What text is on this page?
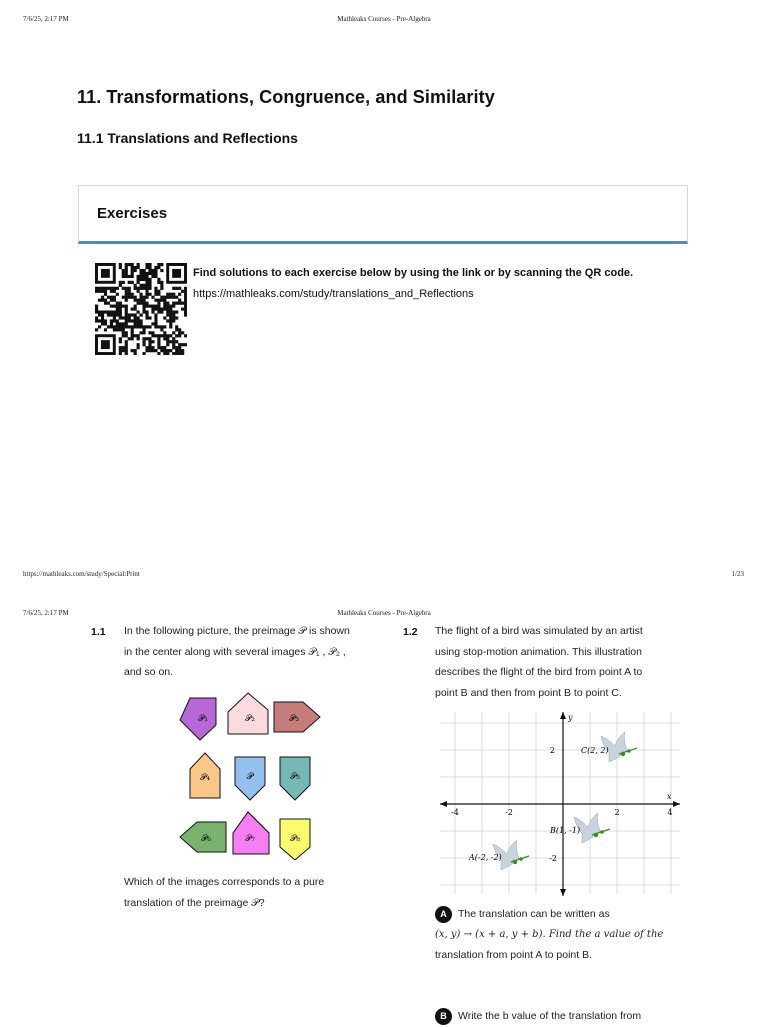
7/6/25, 2:17 PM	Mathleaks Courses - Pre-Algebra
11. Transformations, Congruence, and Similarity
11.1 Translations and Reflections
Exercises
Find solutions to each exercise below by using the link or by scanning the QR code.
https://mathleaks.com/study/translations_and_Reflections
https://mathleaks.com/study/Special:Print	1/23
7/6/25, 2:17 PM	Mathleaks Courses - Pre-Algebra
1.1 In the following picture, the preimage 𝒫 is shown
in the center along with several images 𝒫₁ , 𝒫₂ ,
and so on.
𝒫₁	𝒫₂	𝒫₃
𝒫₄	𝒫	𝒫₅
𝒫₆	𝒫₇	𝒫₈
Which of the images corresponds to a pure
translation of the preimage 𝒫?
1.2 The flight of a bird was simulated by an artist
using stop-motion animation. This illustration
describes the flight of the bird from point A to
point B and then from point B to point C.
x
y
-4	-2	2	4
2
-2
C(2, 2)
B(1, -1)
A(-2, -2)
A The translation can be written as
(x, y) → (x + a, y + b). Find the a value of the
translation from point A to point B.
B Write the b value of the translation from
